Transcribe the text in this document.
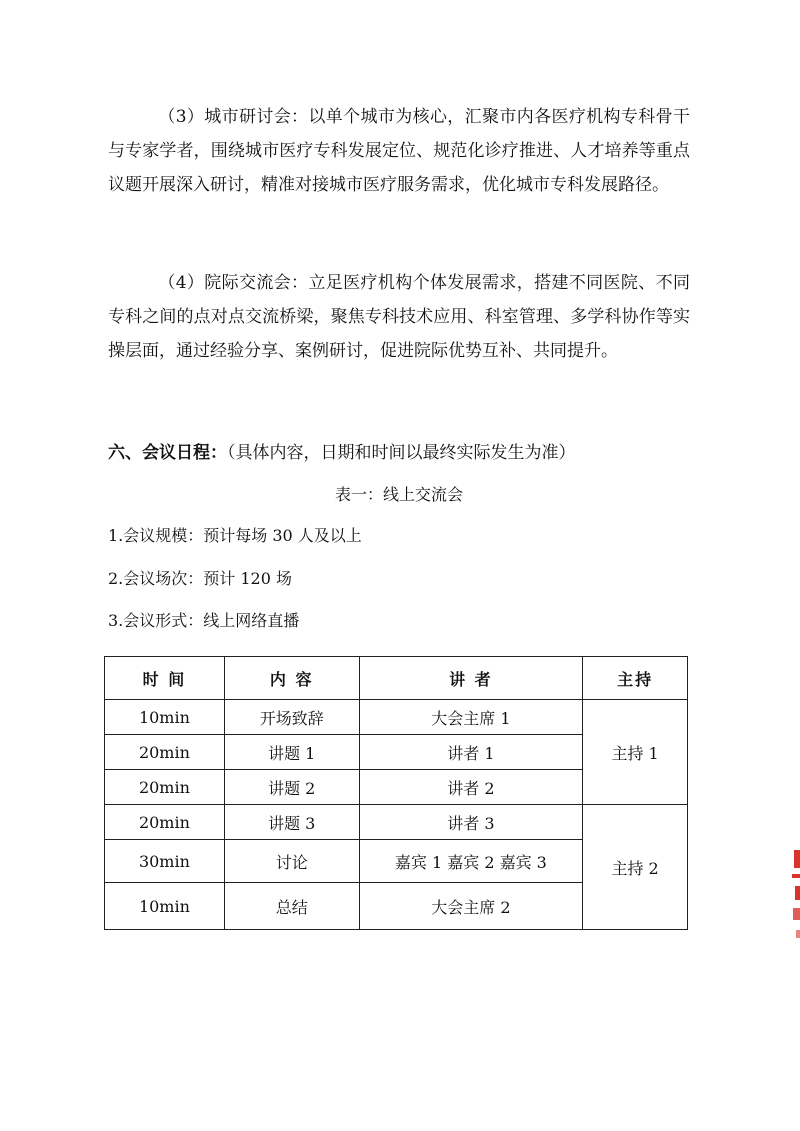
（3）城市研讨会：以单个城市为核心，汇聚市内各医疗机构专科骨干与专家学者，围绕城市医疗专科发展定位、规范化诊疗推进、人才培养等重点议题开展深入研讨，精准对接城市医疗服务需求，优化城市专科发展路径。

（4）院际交流会：立足医疗机构个体发展需求，搭建不同医院、不同专科之间的点对点交流桥梁，聚焦专科技术应用、科室管理、多学科协作等实操层面，通过经验分享、案例研讨，促进院际优势互补、共同提升。

六、会议日程：（具体内容，日期和时间以最终实际发生为准）

表一：线上交流会

1.会议规模：预计每场 30 人及以上

2.会议场次：预计 120 场

3.会议形式：线上网络直播

时 间	内 容	讲 者	主持
10min	开场致辞	大会主席 1	主持 1
20min	讲题 1	讲者 1	
20min	讲题 2	讲者 2	
20min	讲题 3	讲者 3	主持 2
30min	讨论	嘉宾 1 嘉宾 2 嘉宾 3	
10min	总结	大会主席 2	
